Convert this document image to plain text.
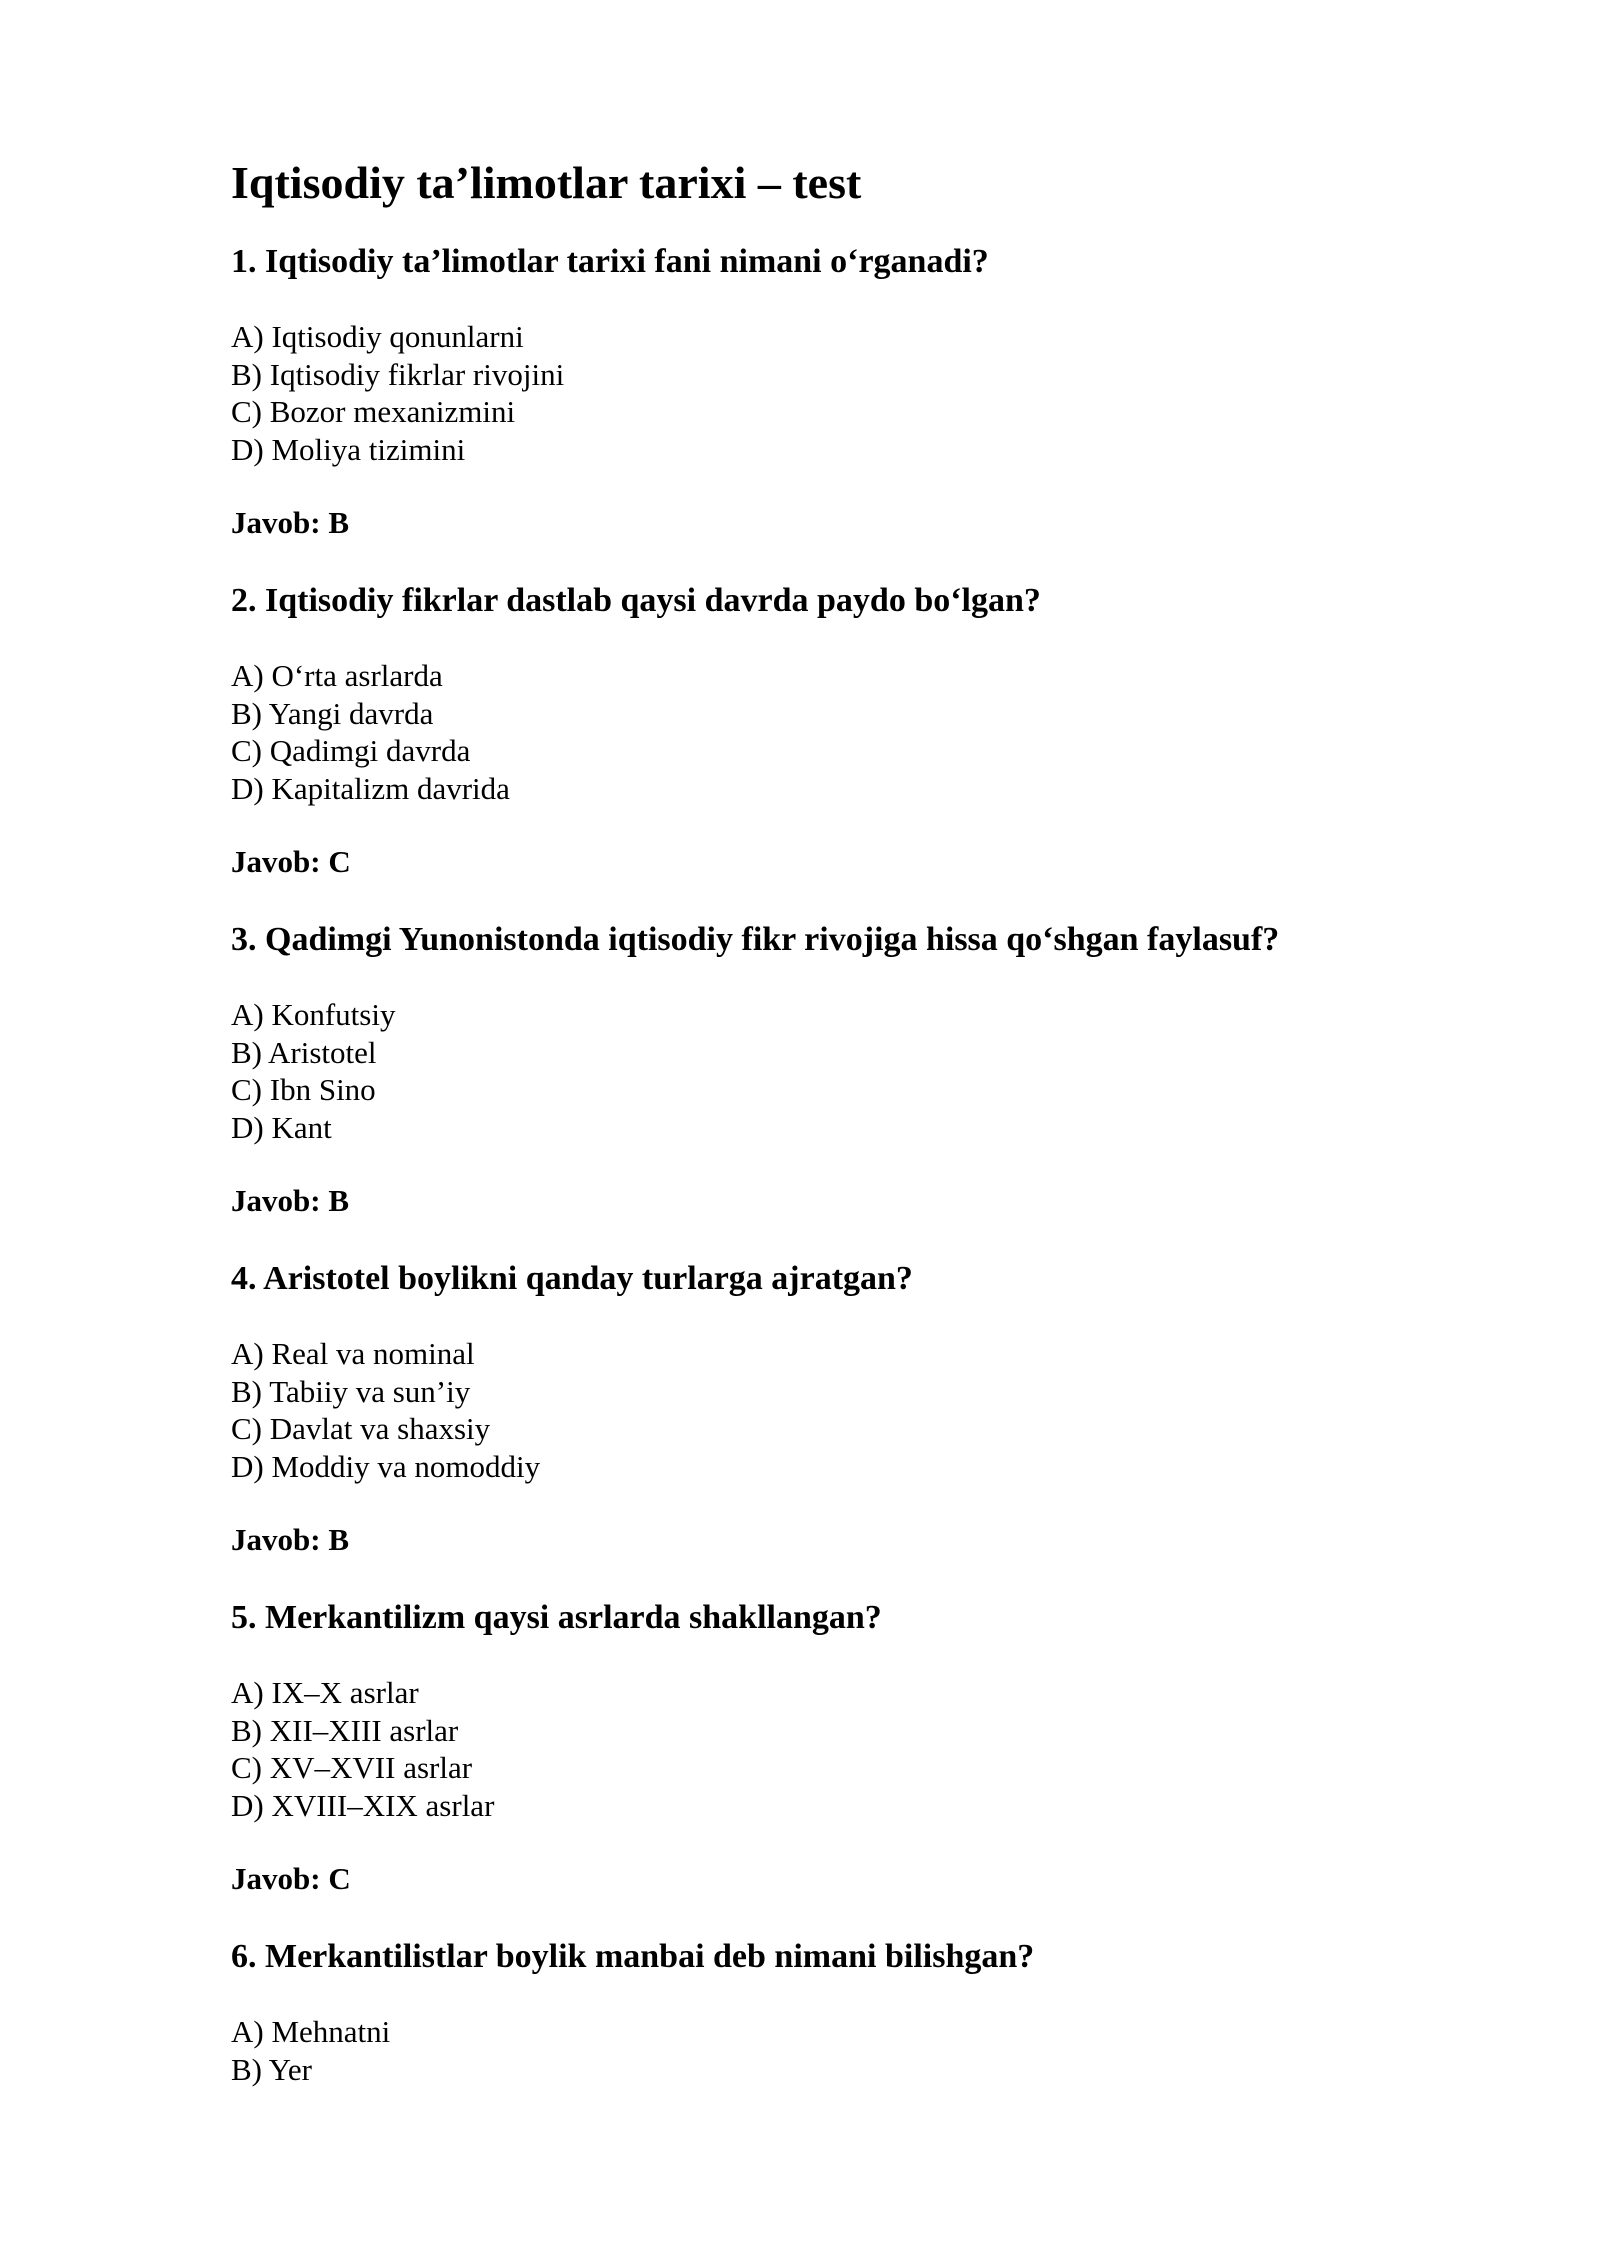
Iqtisodiy ta’limotlar tarixi – test
1. Iqtisodiy ta’limotlar tarixi fani nimani o‘rganadi?
A) Iqtisodiy qonunlarni
B) Iqtisodiy fikrlar rivojini
C) Bozor mexanizmini
D) Moliya tizimini

Javob: B

2. Iqtisodiy fikrlar dastlab qaysi davrda paydo bo‘lgan?
A) O‘rta asrlarda
B) Yangi davrda
C) Qadimgi davrda
D) Kapitalizm davrida

Javob: C

3. Qadimgi Yunonistonda iqtisodiy fikr rivojiga hissa qo‘shgan faylasuf?
A) Konfutsiy
B) Aristotel
C) Ibn Sino
D) Kant

Javob: B

4. Aristotel boylikni qanday turlarga ajratgan?
A) Real va nominal
B) Tabiiy va sun’iy
C) Davlat va shaxsiy
D) Moddiy va nomoddiy

Javob: B

5. Merkantilizm qaysi asrlarda shakllangan?
A) IX–X asrlar
B) XII–XIII asrlar
C) XV–XVII asrlar
D) XVIII–XIX asrlar

Javob: C

6. Merkantilistlar boylik manbai deb nimani bilishgan?
A) Mehnatni
B) Yer
